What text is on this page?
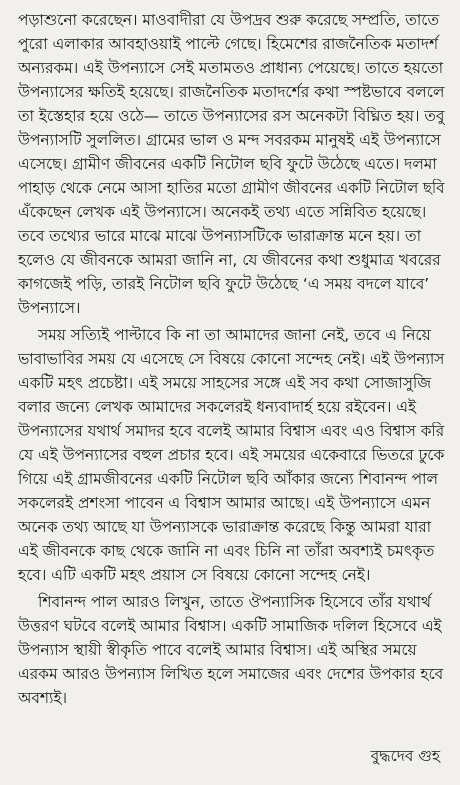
পড়াশুনো করেছেন। মাওবাদীরা যে উপদ্রব শুরু করেছে সম্প্রতি, তাতে
পুরো এলাকার আবহাওয়াই পাল্টে গেছে। হিমেশের রাজনৈতিক মতাদর্শ
অন্যরকম। এই উপন্যাসে সেই মতামতও প্রাধান্য পেয়েছে। তাতে হয়তো
উপন্যাসের ক্ষতিই হয়েছে। রাজনৈতিক মতাদর্শের কথা স্পষ্টভাবে বললে
তা ইস্তেহার হয়ে ওঠে— তাতে উপন্যাসের রস অনেকটা বিঘ্নিত হয়। তবু
উপন্যাসটি সুললিত। গ্রামের ভাল ও মন্দ সবরকম মানুষই এই উপন্যাসে
এসেছে। গ্রামীণ জীবনের একটি নিটোল ছবি ফুটে উঠেছে এতে। দলমা
পাহাড় থেকে নেমে আসা হাতির মতো গ্রামীণ জীবনের একটি নিটোল ছবি
এঁকেছেন লেখক এই উপন্যাসে। অনেকই তথ্য এতে সন্নিবিত হয়েছে।
তবে তথ্যের ভারে মাঝে মাঝে উপন্যাসটিকে ভারাক্রান্ত মনে হয়। তা
হলেও যে জীবনকে আমরা জানি না, যে জীবনের কথা শুধুমাত্র খবরের
কাগজেই পড়ি, তারই নিটোল ছবি ফুটে উঠেছে ‘এ সময় বদলে যাবে’
উপন্যাসে।
সময় সত্যিই পাল্টাবে কি না তা আমাদের জানা নেই, তবে এ নিয়ে
ভাবাভাবির সময় যে এসেছে সে বিষয়ে কোনো সন্দেহ নেই। এই উপন্যাস
একটি মহৎ প্রচেষ্টা। এই সময়ে সাহসের সঙ্গে এই সব কথা সোজাসুজি
বলার জন্যে লেখক আমাদের সকলেরই ধন্যবাদার্হ হয়ে রইবেন। এই
উপন্যাসের যথার্থ সমাদর হবে বলেই আমার বিশ্বাস এবং এও বিশ্বাস করি
যে এই উপন্যাসের বহুল প্রচার হবে। এই সময়ের একেবারে ভিতরে ঢুকে
গিয়ে এই গ্রামজীবনের একটি নিটোল ছবি আঁকার জন্যে শিবানন্দ পাল
সকলেরই প্রশংসা পাবেন এ বিশ্বাস আমার আছে। এই উপন্যাসে এমন
অনেক তথ্য আছে যা উপন্যাসকে ভারাক্রান্ত করেছে কিন্তু আমরা যারা
এই জীবনকে কাছ থেকে জানি না এবং চিনি না তাঁরা অবশ্যই চমৎকৃত
হবে। এটি একটি মহৎ প্রয়াস সে বিষয়ে কোনো সন্দেহ নেই।
শিবানন্দ পাল আরও লিখুন, তাতে ঔপন্যাসিক হিসেবে তাঁর যথার্থ
উত্তরণ ঘটবে বলেই আমার বিশ্বাস। একটি সামাজিক দলিল হিসেবে এই
উপন্যাস স্থায়ী স্বীকৃতি পাবে বলেই আমার বিশ্বাস। এই অস্থির সময়ে
এরকম আরও উপন্যাস লিখিত হলে সমাজের এবং দেশের উপকার হবে
অবশ্যই।
বুদ্ধদেব গুহ
